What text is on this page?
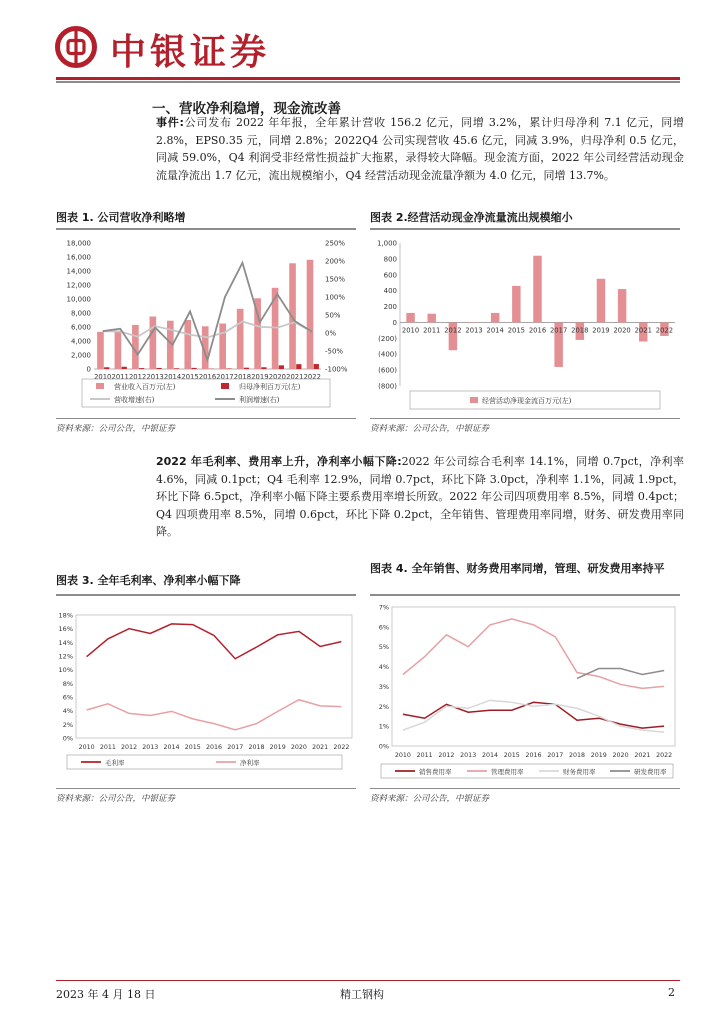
中银证券
一、营收净利稳增，现金流改善
事件:公司发布 2022 年年报，全年累计营收 156.2 亿元，同增 3.2%，累计归母净利 7.1 亿元，同增 2.8%，EPS0.35 元，同增 2.8%；2022Q4 公司实现营收 45.6 亿元，同减 3.9%，归母净利 0.5 亿元，同减 59.0%，Q4 利润受非经常性损益扩大拖累，录得较大降幅。现金流方面，2022 年公司经营活动现金流量净流出 1.7 亿元，流出规模缩小，Q4 经营活动现金流量净额为 4.0 亿元，同增 13.7%。
图表 1. 公司营收净利略增
18,000
16,000
14,000
12,000
10,000
8,000
6,000
4,000
2,000
0
250%
200%
150%
100%
50%
0%
-50%
-100%
2010 2011 2012 2013 2014 2015 2016 2017 2018 2019 2020 2021 2022
营业收入百万元(左)	归母净利百万元(左)
营收增速(右)	利润增速(右)
资料来源：公司公告，中银证券
图表 2.经营活动现金净流量流出规模缩小
1,000
800
600
400
200
0
(200)
(400)
(600)
(800)
2010 2011 2012 2013 2014 2015 2016 2017 2018 2019 2020 2021 2022
经营活动净现金流百万元(左)
资料来源：公司公告，中银证券
2022 年毛利率、费用率上升，净利率小幅下降:2022 年公司综合毛利率 14.1%，同增 0.7pct，净利率 4.6%，同减 0.1pct；Q4 毛利率 12.9%，同增 0.7pct，环比下降 3.0pct，净利率 1.1%，同减 1.9pct，环比下降 6.5pct，净利率小幅下降主要系费用率增长所致。2022 年公司四项费用率 8.5%，同增 0.4pct；Q4 四项费用率 8.5%，同增 0.6pct，环比下降 0.2pct，全年销售、管理费用率同增，财务、研发费用率同降。
图表 3. 全年毛利率、净利率小幅下降
18%
16%
14%
12%
10%
8%
6%
4%
2%
0%
2010 2011 2012 2013 2014 2015 2016 2017 2018 2019 2020 2021 2022
毛利率	净利率
资料来源：公司公告，中银证券
图表 4. 全年销售、财务费用率同增，管理、研发费用率持平
7%
6%
5%
4%
3%
2%
1%
0%
2010 2011 2012 2013 2014 2015 2016 2017 2018 2019 2020 2021 2022
销售费用率	管理费用率	财务费用率	研发费用率
资料来源：公司公告，中银证券
2023 年 4 月 18 日	精工钢构	2
